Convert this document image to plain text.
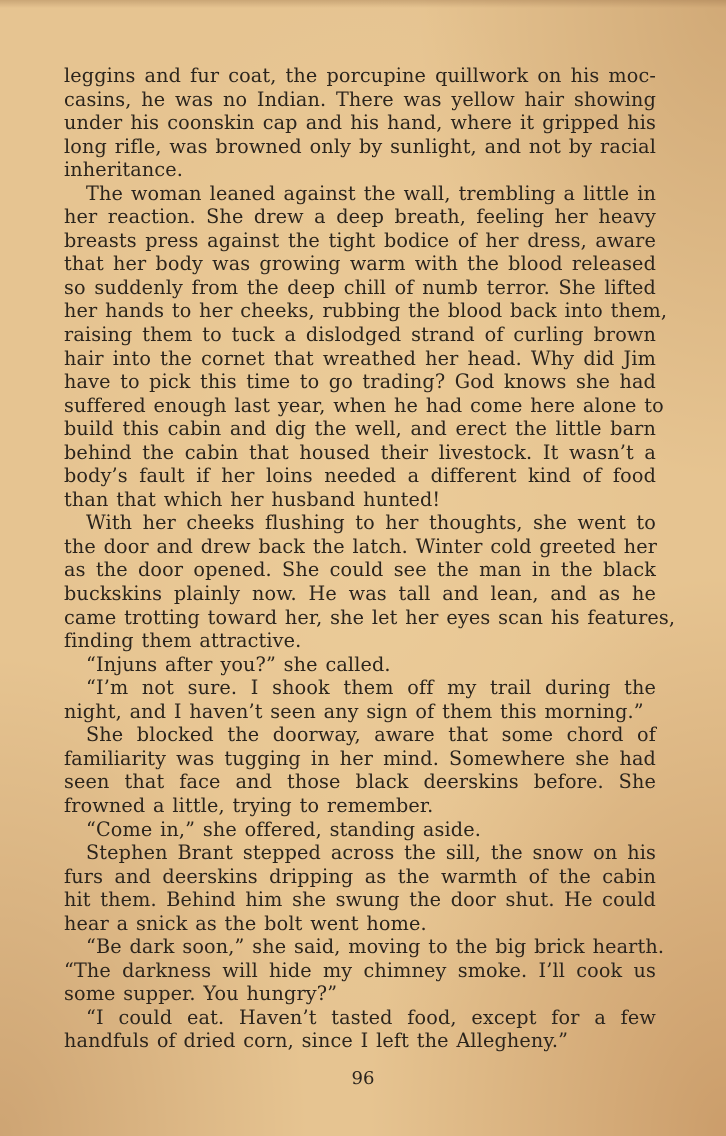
leggins and fur coat, the porcupine quillwork on his moc-
casins, he was no Indian. There was yellow hair showing
under his coonskin cap and his hand, where it gripped his
long rifle, was browned only by sunlight, and not by racial
inheritance.
The woman leaned against the wall, trembling a little in
her reaction. She drew a deep breath, feeling her heavy
breasts press against the tight bodice of her dress, aware
that her body was growing warm with the blood released
so suddenly from the deep chill of numb terror. She lifted
her hands to her cheeks, rubbing the blood back into them,
raising them to tuck a dislodged strand of curling brown
hair into the cornet that wreathed her head. Why did Jim
have to pick this time to go trading? God knows she had
suffered enough last year, when he had come here alone to
build this cabin and dig the well, and erect the little barn
behind the cabin that housed their livestock. It wasn’t a
body’s fault if her loins needed a different kind of food
than that which her husband hunted!
With her cheeks flushing to her thoughts, she went to
the door and drew back the latch. Winter cold greeted her
as the door opened. She could see the man in the black
buckskins plainly now. He was tall and lean, and as he
came trotting toward her, she let her eyes scan his features,
finding them attractive.
“Injuns after you?” she called.
“I’m not sure. I shook them off my trail during the
night, and I haven’t seen any sign of them this morning.”
She blocked the doorway, aware that some chord of
familiarity was tugging in her mind. Somewhere she had
seen that face and those black deerskins before. She
frowned a little, trying to remember.
“Come in,” she offered, standing aside.
Stephen Brant stepped across the sill, the snow on his
furs and deerskins dripping as the warmth of the cabin
hit them. Behind him she swung the door shut. He could
hear a snick as the bolt went home.
“Be dark soon,” she said, moving to the big brick hearth.
“The darkness will hide my chimney smoke. I’ll cook us
some supper. You hungry?”
“I could eat. Haven’t tasted food, except for a few
handfuls of dried corn, since I left the Allegheny.”
96
